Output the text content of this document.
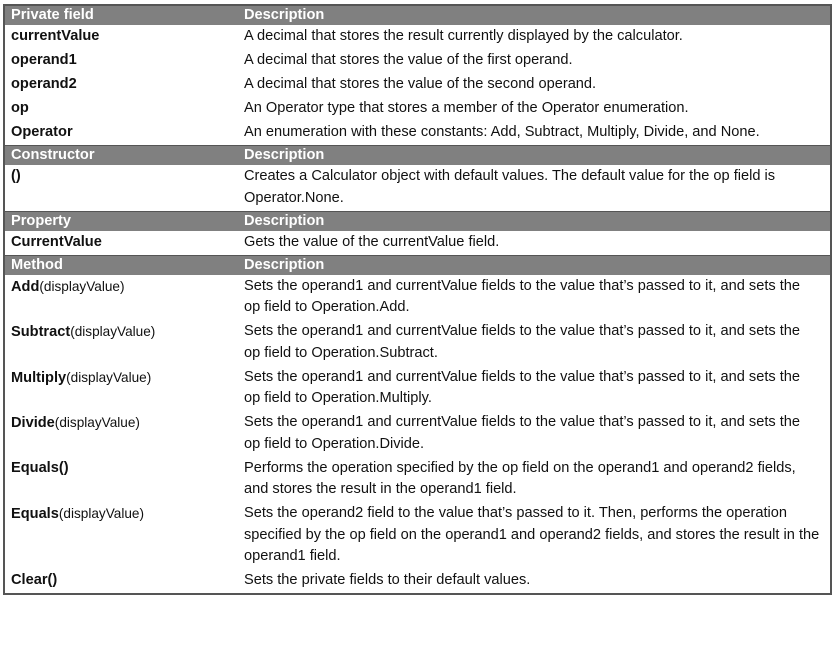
Private field	Description
currentValue	A decimal that stores the result currently displayed by the calculator.
operand1	A decimal that stores the value of the first operand.
operand2	A decimal that stores the value of the second operand.
op	An Operator type that stores a member of the Operator enumeration.
Operator	An enumeration with these constants: Add, Subtract, Multiply, Divide, and None.
Constructor	Description
()	Creates a Calculator object with default values. The default value for the op field is Operator.None.
Property	Description
CurrentValue	Gets the value of the currentValue field.
Method	Description
Add(displayValue)	Sets the operand1 and currentValue fields to the value that’s passed to it, and sets the op field to Operation.Add.
Subtract(displayValue)	Sets the operand1 and currentValue fields to the value that’s passed to it, and sets the op field to Operation.Subtract.
Multiply(displayValue)	Sets the operand1 and currentValue fields to the value that’s passed to it, and sets the op field to Operation.Multiply.
Divide(displayValue)	Sets the operand1 and currentValue fields to the value that’s passed to it, and sets the op field to Operation.Divide.
Equals()	Performs the operation specified by the op field on the operand1 and operand2 fields, and stores the result in the operand1 field.
Equals(displayValue)	Sets the operand2 field to the value that’s passed to it. Then, performs the operation specified by the op field on the operand1 and operand2 fields, and stores the result in the operand1 field.
Clear()	Sets the private fields to their default values.
